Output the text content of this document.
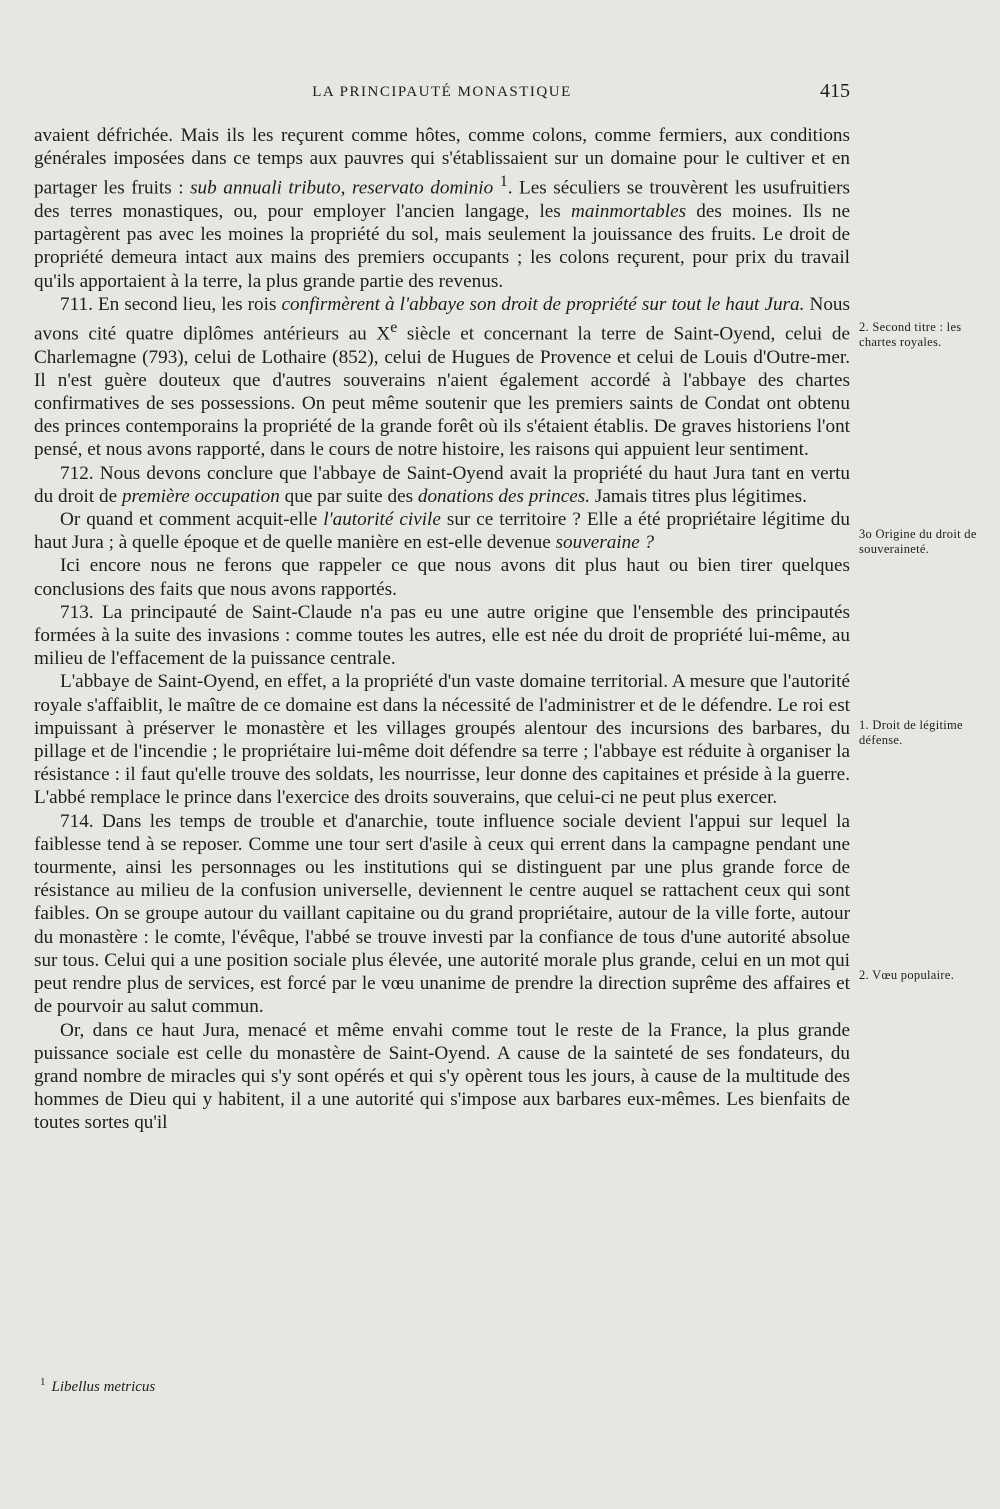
LA PRINCIPAUTÉ MONASTIQUE	415

avaient défrichée. Mais ils les reçurent comme hôtes, comme colons, comme fermiers, aux conditions générales imposées dans ce temps aux pauvres qui s'établissaient sur un domaine pour le cultiver et en partager les fruits : sub annuali tributo, reservato dominio $^1$. Les séculiers se trouvèrent les usufruitiers des terres monastiques, ou, pour employer l'ancien langage, les mainmortables des moines. Ils ne partagèrent pas avec les moines la propriété du sol, mais seulement la jouissance des fruits. Le droit de propriété demeura intact aux mains des premiers occupants ; les colons reçurent, pour prix du travail qu'ils apportaient à la terre, la plus grande partie des revenus.

711. En second lieu, les rois confirmèrent à l'abbaye son droit de propriété sur tout le haut Jura. Nous avons cité quatre diplômes antérieurs au Xe siècle et concernant la terre de Saint-Oyend, celui de Charlemagne (793), celui de Lothaire (852), celui de Hugues de Provence et celui de Louis d'Outre-mer. Il n'est guère douteux que d'autres souverains n'aient également accordé à l'abbaye des chartes confirmatives de ses possessions. On peut même soutenir que les premiers saints de Condat ont obtenu des princes contemporains la propriété de la grande forêt où ils s'étaient établis. De graves historiens l'ont pensé, et nous avons rapporté, dans le cours de notre histoire, les raisons qui appuient leur sentiment.

712. Nous devons conclure que l'abbaye de Saint-Oyend avait la propriété du haut Jura tant en vertu du droit de première occupation que par suite des donations des princes. Jamais titres plus légitimes.

Or quand et comment acquit-elle l'autorité civile sur ce territoire ? Elle a été propriétaire légitime du haut Jura ; à quelle époque et de quelle manière en est-elle devenue souveraine ?

Ici encore nous ne ferons que rappeler ce que nous avons dit plus haut ou bien tirer quelques conclusions des faits que nous avons rapportés.

713. La principauté de Saint-Claude n'a pas eu une autre origine que l'ensemble des principautés formées à la suite des invasions : comme toutes les autres, elle est née du droit de propriété lui-même, au milieu de l'effacement de la puissance centrale.

L'abbaye de Saint-Oyend, en effet, a la propriété d'un vaste domaine territorial. A mesure que l'autorité royale s'affaiblit, le maître de ce domaine est dans la nécessité de l'administrer et de le défendre. Le roi est impuissant à préserver le monastère et les villages groupés alentour des incursions des barbares, du pillage et de l'incendie ; le propriétaire lui-même doit défendre sa terre ; l'abbaye est réduite à organiser la résistance : il faut qu'elle trouve des soldats, les nourrisse, leur donne des capitaines et préside à la guerre. L'abbé remplace le prince dans l'exercice des droits souverains, que celui-ci ne peut plus exercer.

714. Dans les temps de trouble et d'anarchie, toute influence sociale devient l'appui sur lequel la faiblesse tend à se reposer. Comme une tour sert d'asile à ceux qui errent dans la campagne pendant une tourmente, ainsi les personnages ou les institutions qui se distinguent par une plus grande force de résistance au milieu de la confusion universelle, deviennent le centre auquel se rattachent ceux qui sont faibles. On se groupe autour du vaillant capitaine ou du grand propriétaire, autour de la ville forte, autour du monastère : le comte, l'évêque, l'abbé se trouve investi par la confiance de tous d'une autorité absolue sur tous. Celui qui a une position sociale plus élevée, une autorité morale plus grande, celui en un mot qui peut rendre plus de services, est forcé par le vœu unanime de prendre la direction suprême des affaires et de pourvoir au salut commun.

Or, dans ce haut Jura, menacé et même envahi comme tout le reste de la France, la plus grande puissance sociale est celle du monastère de Saint-Oyend. A cause de la sainteté de ses fondateurs, du grand nombre de miracles qui s'y sont opérés et qui s'y opèrent tous les jours, à cause de la multitude des hommes de Dieu qui y habitent, il a une autorité qui s'impose aux barbares eux-mêmes. Les bienfaits de toutes sortes qu'il

2. Second titre : les chartes royales.
3o Origine du droit de souveraineté.
1. Droit de légitime défense.
2. Vœu populaire.
$^1$ Libellus metricus
